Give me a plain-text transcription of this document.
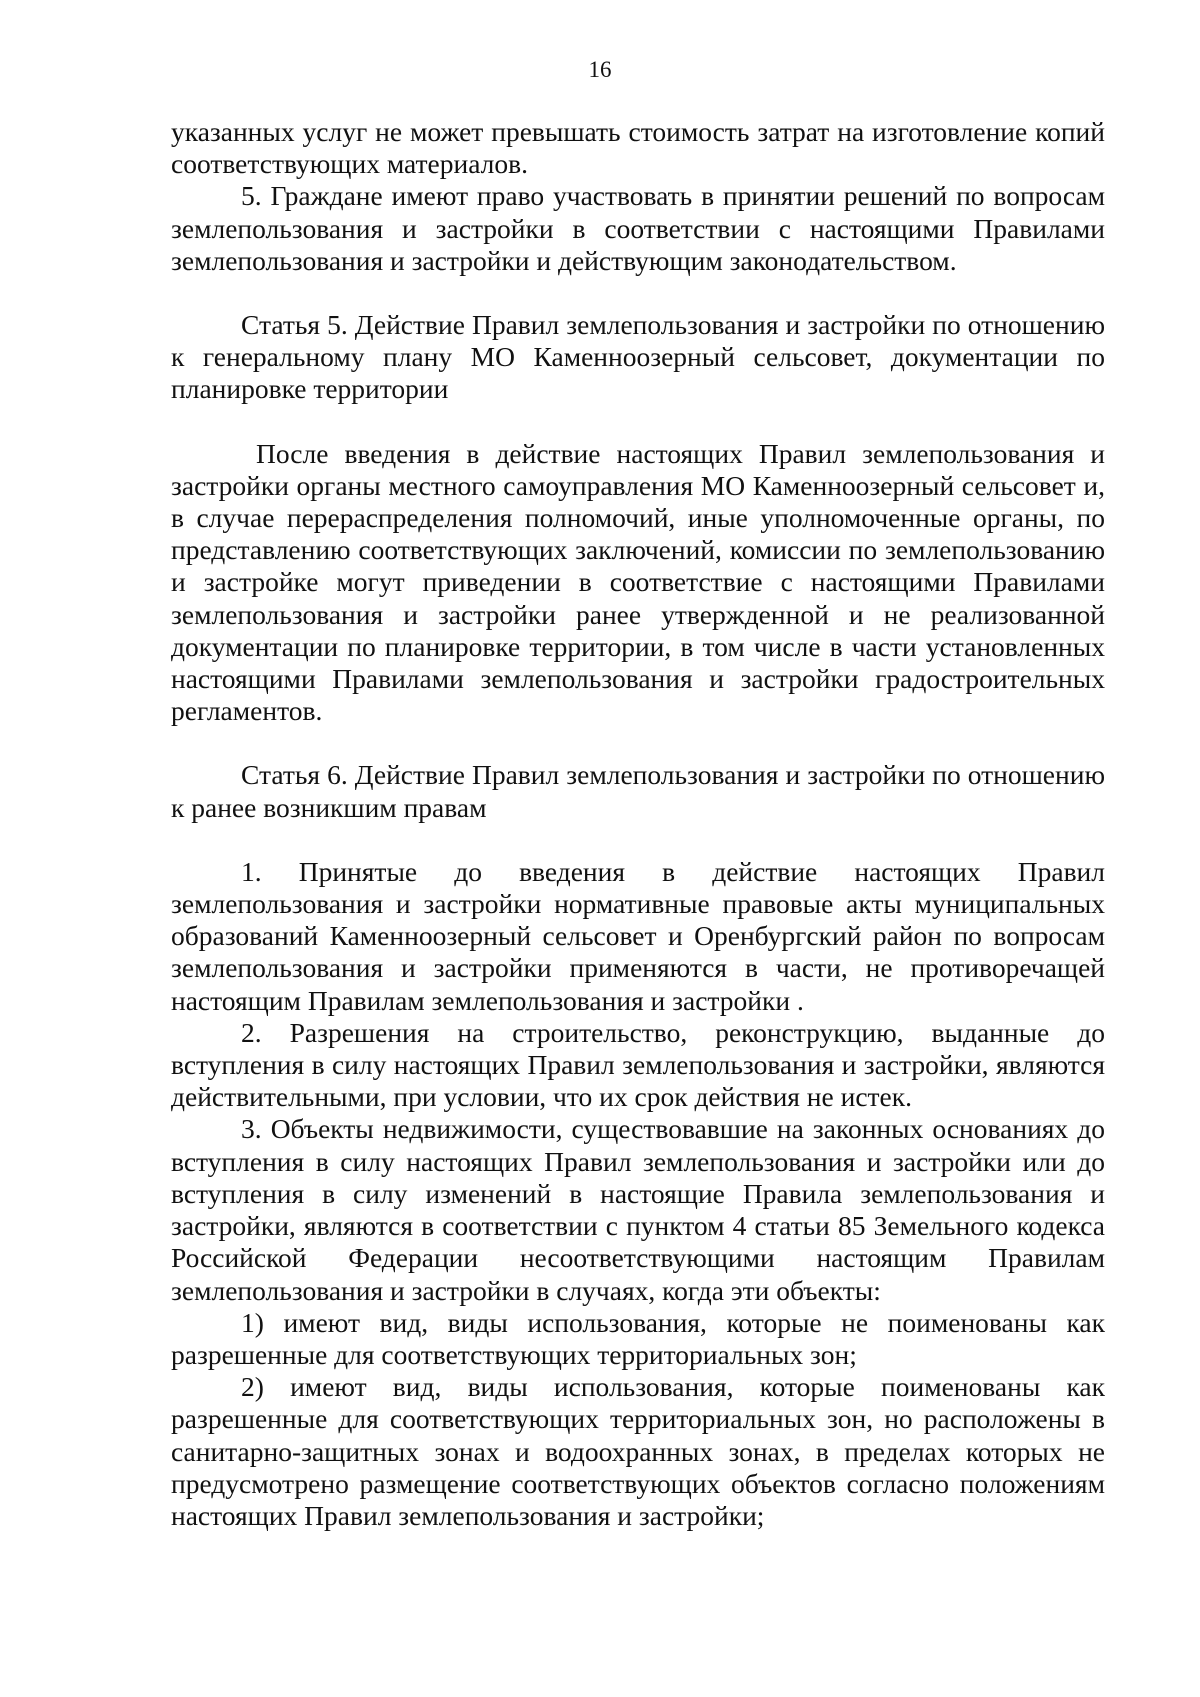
16

указанных услуг не может превышать стоимость затрат на изготовление копий соответствующих материалов.

5. Граждане имеют право участвовать в принятии решений по вопросам землепользования и застройки в соответствии с настоящими Правилами землепользования и застройки и действующим законодательством.

Статья 5. Действие Правил землепользования и застройки по отношению к генеральному плану МО Каменноозерный сельсовет, документации по планировке территории

После введения в действие настоящих Правил землепользования и застройки органы местного самоуправления МО Каменноозерный сельсовет и, в случае перераспределения полномочий, иные уполномоченные органы, по представлению соответствующих заключений, комиссии по землепользованию и застройке могут приведении в соответствие с настоящими Правилами землепользования и застройки ранее утвержденной и не реализованной документации по планировке территории, в том числе в части установленных настоящими Правилами землепользования и застройки градостроительных регламентов.

Статья 6. Действие Правил землепользования и застройки по отношению к ранее возникшим правам

1. Принятые до введения в действие настоящих Правил землепользования и застройки нормативные правовые акты муниципальных образований Каменноозерный сельсовет и Оренбургский район по вопросам землепользования и застройки применяются в части, не противоречащей настоящим Правилам землепользования и застройки .

2. Разрешения на строительство, реконструкцию, выданные до вступления в силу настоящих Правил землепользования и застройки, являются действительными, при условии, что их срок действия не истек.

3. Объекты недвижимости, существовавшие на законных основаниях до вступления в силу настоящих Правил землепользования и застройки или до вступления в силу изменений в настоящие Правила землепользования и застройки, являются в соответствии с пунктом 4 статьи 85 Земельного кодекса Российской Федерации несоответствующими настоящим Правилам землепользования и застройки в случаях, когда эти объекты:

1) имеют вид, виды использования, которые не поименованы как разрешенные для соответствующих территориальных зон;

2) имеют вид, виды использования, которые поименованы как разрешенные для соответствующих территориальных зон, но расположены в санитарно-защитных зонах и водоохранных зонах, в пределах которых не предусмотрено размещение соответствующих объектов согласно положениям настоящих Правил землепользования и застройки;
